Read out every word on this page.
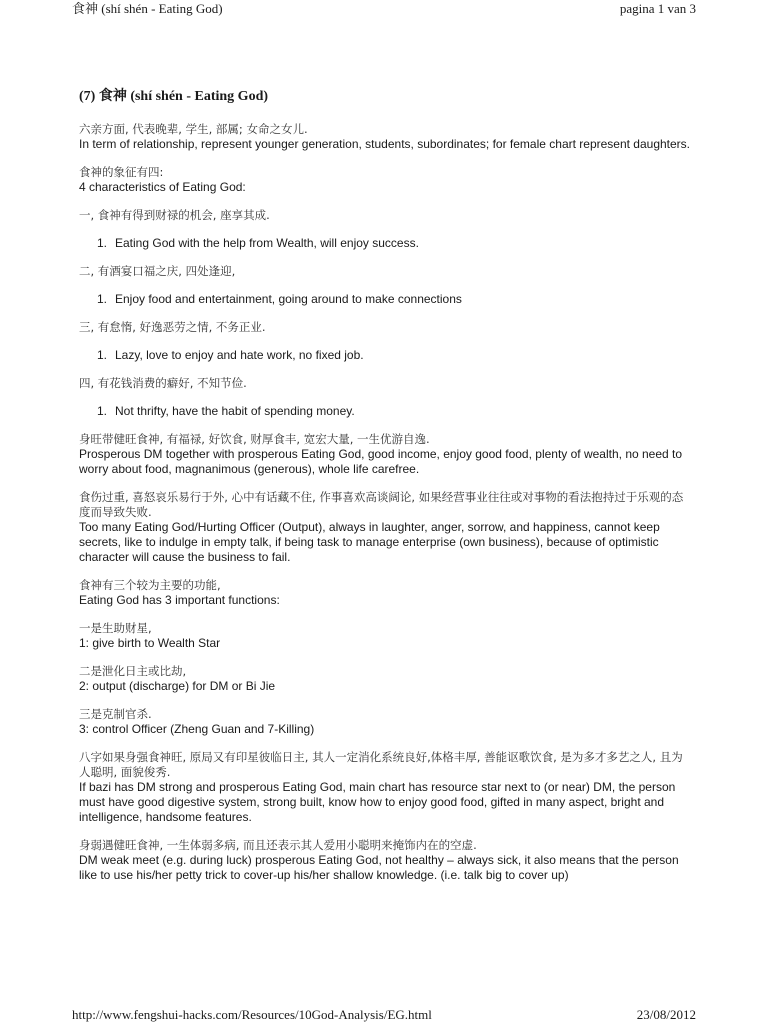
食神 (shí shén - Eating God)	pagina 1 van 3
(7) 食神 (shí shén - Eating God)
六亲方面, 代表晚辈, 学生, 部属; 女命之女儿.
In term of relationship, represent younger generation, students, subordinates; for female chart represent daughters.
食神的象征有四:
4 characteristics of Eating God:
一, 食神有得到财禄的机会, 座享其成.
1. Eating God with the help from Wealth, will enjoy success.
二, 有酒宴口福之庆, 四处逢迎,
1. Enjoy food and entertainment, going around to make connections
三, 有怠惰, 好逸恶劳之情, 不务正业.
1. Lazy, love to enjoy and hate work, no fixed job.
四, 有花钱消费的癖好, 不知节俭.
1. Not thrifty, have the habit of spending money.
身旺带健旺食神, 有福禄, 好饮食, 财厚食丰, 宽宏大量, 一生优游自逸.
Prosperous DM together with prosperous Eating God, good income, enjoy good food, plenty of wealth, no need to worry about food, magnanimous (generous), whole life carefree.
食伤过重, 喜怒哀乐易行于外, 心中有话藏不住, 作事喜欢高谈阔论, 如果经营事业往往或对事物的看法抱持过于乐观的态度而导致失败.
Too many Eating God/Hurting Officer (Output), always in laughter, anger, sorrow, and happiness, cannot keep secrets, like to indulge in empty talk, if being task to manage enterprise (own business), because of optimistic character will cause the business to fail.
食神有三个较为主要的功能,
Eating God has 3 important functions:
一是生助财星,
1: give birth to Wealth Star
二是泄化日主或比劫,
2: output (discharge) for DM or Bi Jie
三是克制官杀.
3: control Officer (Zheng Guan and 7-Killing)
八字如果身强食神旺, 原局又有印星彼临日主, 其人一定消化系统良好,体格丰厚, 善能讴歌饮食, 是为多才多艺之人, 且为人聪明, 面貌俊秀.
If bazi has DM strong and prosperous Eating God, main chart has resource star next to (or near) DM, the person must have good digestive system, strong built, know how to enjoy good food, gifted in many aspect, bright and intelligence, handsome features.
身弱遇健旺食神, 一生体弱多病, 而且还表示其人爱用小聪明来掩饰内在的空虚.
DM weak meet (e.g. during luck) prosperous Eating God, not healthy – always sick, it also means that the person like to use his/her petty trick to cover-up his/her shallow knowledge. (i.e. talk big to cover up)
http://www.fengshui-hacks.com/Resources/10God-Analysis/EG.html	23/08/2012
